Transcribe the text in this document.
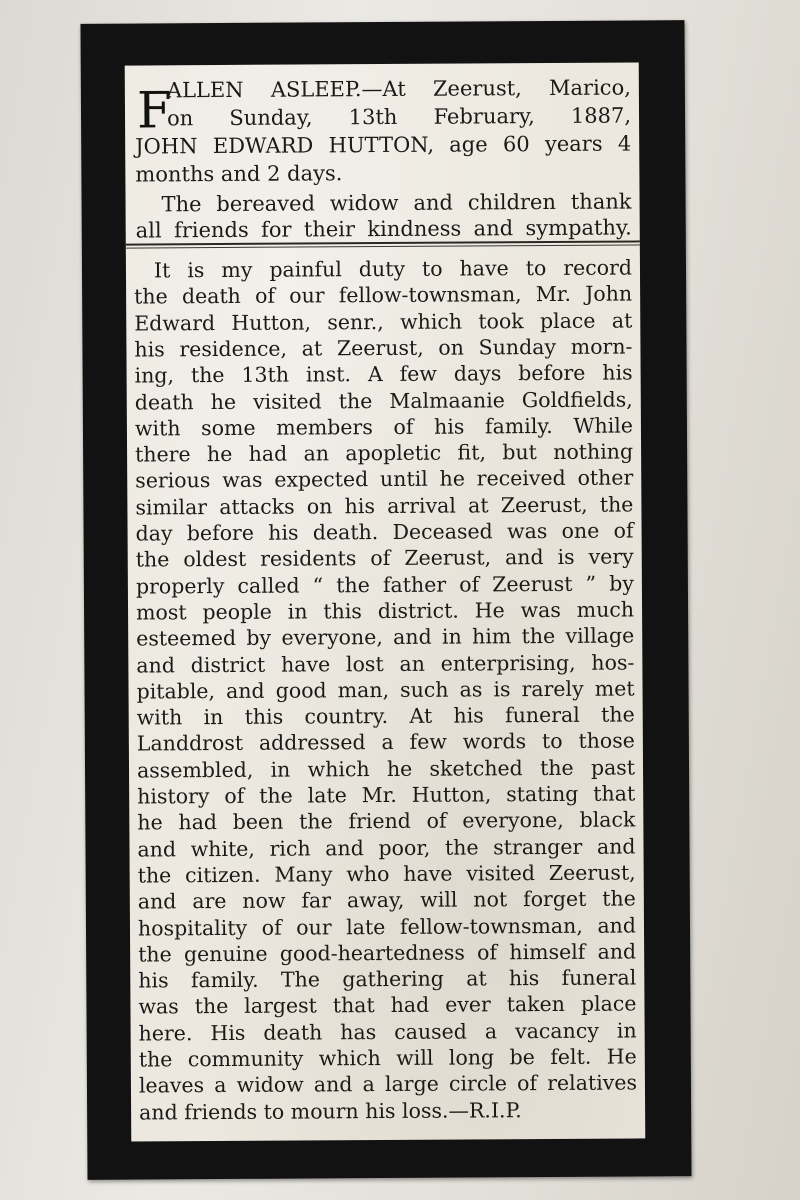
F
ALLEN ASLEEP.—At Zeerust, Marico,
on Sunday, 13th February, 1887,
JOHN EDWARD HUTTON, age 60 years 4
months and 2 days.
The bereaved widow and children thank
all friends for their kindness and sympathy.
It is my painful duty to have to record
the death of our fellow-townsman, Mr. John
Edward Hutton, senr., which took place at
his residence, at Zeerust, on Sunday morn-
ing, the 13th inst. A few days before his
death he visited the Malmaanie Goldfields,
with some members of his family. While
there he had an apopletic fit, but nothing
serious was expected until he received other
similar attacks on his arrival at Zeerust, the
day before his death. Deceased was one of
the oldest residents of Zeerust, and is very
properly called “ the father of Zeerust ” by
most people in this district. He was much
esteemed by everyone, and in him the village
and district have lost an enterprising, hos-
pitable, and good man, such as is rarely met
with in this country. At his funeral the
Landdrost addressed a few words to those
assembled, in which he sketched the past
history of the late Mr. Hutton, stating that
he had been the friend of everyone, black
and white, rich and poor, the stranger and
the citizen. Many who have visited Zeerust,
and are now far away, will not forget the
hospitality of our late fellow-townsman, and
the genuine good-heartedness of himself and
his family. The gathering at his funeral
was the largest that had ever taken place
here. His death has caused a vacancy in
the community which will long be felt. He
leaves a widow and a large circle of relatives
and friends to mourn his loss.—R.I.P.
